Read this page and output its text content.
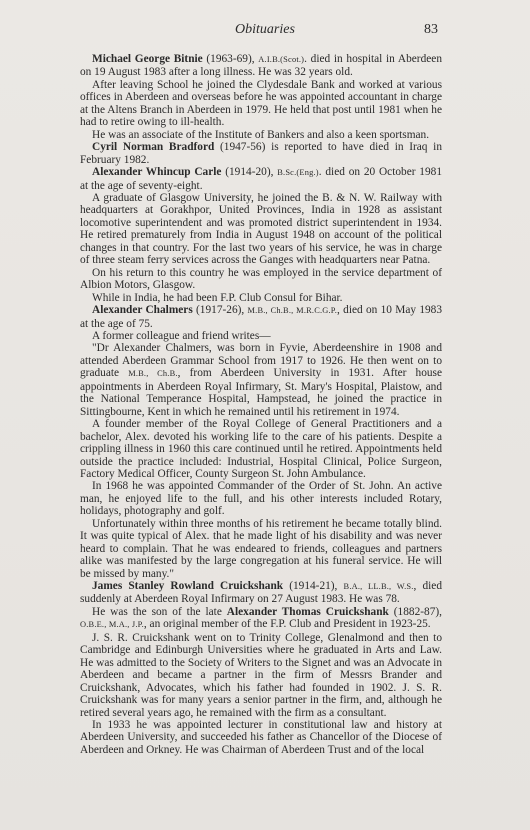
Obituaries	83

Michael George Bitnie (1963-69), A.I.B.(Scot.). died in hospital in Aberdeen on 19 August 1983 after a long illness. He was 32 years old.

After leaving School he joined the Clydesdale Bank and worked at various offices in Aberdeen and overseas before he was appointed accountant in charge at the Altens Branch in Aberdeen in 1979. He held that post until 1981 when he had to retire owing to ill-health.

He was an associate of the Institute of Bankers and also a keen sportsman.

Cyril Norman Bradford (1947-56) is reported to have died in Iraq in February 1982.

Alexander Whincup Carle (1914-20), B.Sc.(Eng.). died on 20 October 1981 at the age of seventy-eight.

A graduate of Glasgow University, he joined the B. & N. W. Railway with headquarters at Gorakhpor, United Provinces, India in 1928 as assistant locomotive superintendent and was promoted district superintendent in 1934. He retired prematurely from India in August 1948 on account of the political changes in that country. For the last two years of his service, he was in charge of three steam ferry services across the Ganges with headquarters near Patna.

On his return to this country he was employed in the service department of Albion Motors, Glasgow.

While in India, he had been F.P. Club Consul for Bihar.

Alexander Chalmers (1917-26), M.B., Ch.B., M.R.C.G.P., died on 10 May 1983 at the age of 75.

A former colleague and friend writes—

"Dr Alexander Chalmers, was born in Fyvie, Aberdeenshire in 1908 and attended Aberdeen Grammar School from 1917 to 1926. He then went on to graduate M.B., Ch.B., from Aberdeen University in 1931. After house appointments in Aberdeen Royal Infirmary, St. Mary's Hospital, Plaistow, and the National Temperance Hospital, Hampstead, he joined the practice in Sittingbourne, Kent in which he remained until his retirement in 1974.

A founder member of the Royal College of General Practitioners and a bachelor, Alex. devoted his working life to the care of his patients. Despite a crippling illness in 1960 this care continued until he retired. Appointments held outside the practice included: Industrial, Hospital Clinical, Police Surgeon, Factory Medical Officer, County Surgeon St. John Ambulance.

In 1968 he was appointed Commander of the Order of St. John. An active man, he enjoyed life to the full, and his other interests included Rotary, holidays, photography and golf.

Unfortunately within three months of his retirement he became totally blind. It was quite typical of Alex. that he made light of his disability and was never heard to complain. That he was endeared to friends, colleagues and partners alike was manifested by the large congregation at his funeral service. He will be missed by many."

James Stanley Rowland Cruickshank (1914-21), B.A., LL.B., W.S., died suddenly at Aberdeen Royal Infirmary on 27 August 1983. He was 78.

He was the son of the late Alexander Thomas Cruickshank (1882-87), O.B.E., M.A., J.P., an original member of the F.P. Club and President in 1923-25.

J. S. R. Cruickshank went on to Trinity College, Glenalmond and then to Cambridge and Edinburgh Universities where he graduated in Arts and Law. He was admitted to the Society of Writers to the Signet and was an Advocate in Aberdeen and became a partner in the firm of Messrs Brander and Cruickshank, Advocates, which his father had founded in 1902. J. S. R. Cruickshank was for many years a senior partner in the firm, and, although he retired several years ago, he remained with the firm as a consultant.

In 1933 he was appointed lecturer in constitutional law and history at Aberdeen University, and succeeded his father as Chancellor of the Diocese of Aberdeen and Orkney. He was Chairman of Aberdeen Trust and of the local
